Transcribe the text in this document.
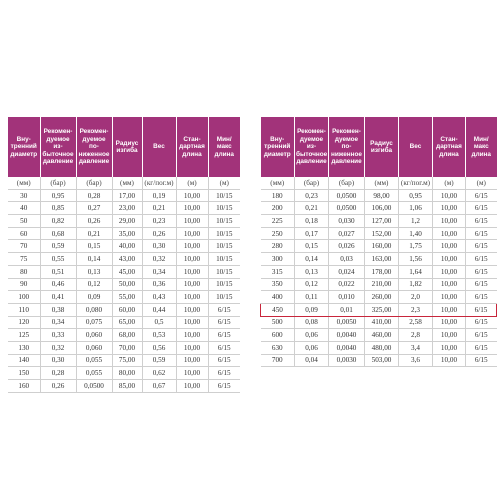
Вну-тренний диаметр	Рекомен-дуемое из-быточное давление	Рекомен-дуемое по-ниженное давление	Радиус изгиба	Вес	Стан-дартная длина	Мин/ макс длина
(мм)	(бар)	(бар)	(мм)	(кг/пог.м)	(м)	(м)
30	0,95	0,28	17,00	0,19	10,00	10/15
40	0,85	0,27	23,00	0,21	10,00	10/15
50	0,82	0,26	29,00	0,23	10,00	10/15
60	0,68	0,21	35,00	0,26	10,00	10/15
70	0,59	0,15	40,00	0,30	10,00	10/15
75	0,55	0,14	43,00	0,32	10,00	10/15
80	0,51	0,13	45,00	0,34	10,00	10/15
90	0,46	0,12	50,00	0,36	10,00	10/15
100	0,41	0,09	55,00	0,43	10,00	10/15
110	0,38	0,080	60,00	0,44	10,00	6/15
120	0,34	0,075	65,00	0,5	10,00	6/15
125	0,33	0,060	68,00	0,53	10,00	6/15
130	0,32	0,060	70,00	0,56	10,00	6/15
140	0,30	0,055	75,00	0,59	10,00	6/15
150	0,28	0,055	80,00	0,62	10,00	6/15
160	0,26	0,0500	85,00	0,67	10,00	6/15
Вну-тренний диаметр	Рекомен-дуемое из-быточное давление	Рекомен-дуемое по-ниженное давление	Радиус изгиба	Вес	Стан-дартная длина	Мин/ макс длина
(мм)	(бар)	(бар)	(мм)	(кг/пог.м)	(м)	(м)
180	0,23	0,0500	98,00	0,95	10,00	6/15
200	0,21	0,0500	106,00	1,06	10,00	6/15
225	0,18	0,030	127,00	1,2	10,00	6/15
250	0,17	0,027	152,00	1,40	10,00	6/15
280	0,15	0,026	160,00	1,75	10,00	6/15
300	0,14	0,03	163,00	1,56	10,00	6/15
315	0,13	0,024	178,00	1,64	10,00	6/15
350	0,12	0,022	210,00	1,82	10,00	6/15
400	0,11	0,010	260,00	2,0	10,00	6/15
450	0,09	0,01	325,00	2,3	10,00	6/15
500	0,08	0,0050	410,00	2,58	10,00	6/15
600	0,06	0,0040	460,00	2,8	10,00	6/15
630	0,06	0,0040	480,00	3,4	10,00	6/15
700	0,04	0,0030	503,00	3,6	10,00	6/15
